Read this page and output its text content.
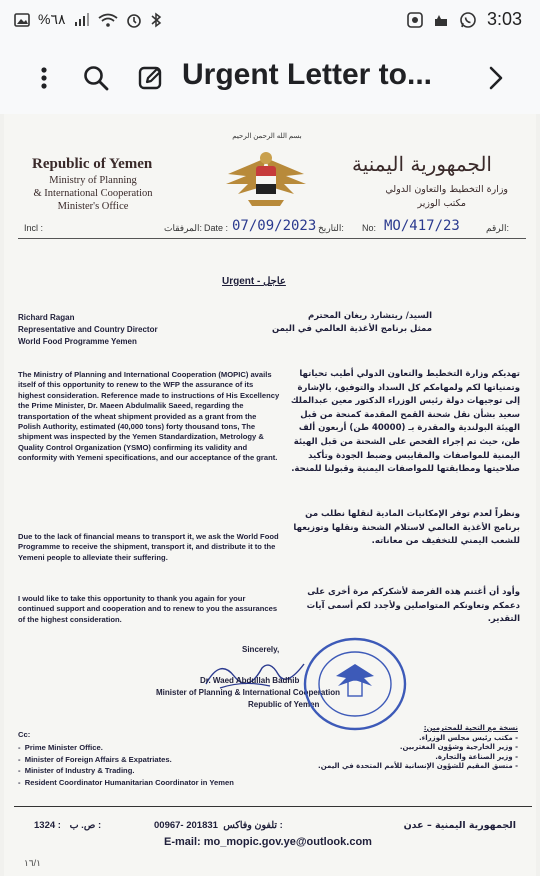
%٦٨	3:03
Urgent Letter to...
Republic of Yemen
Ministry of Planning
& International Cooperation
Minister's Office
بسم الله الرحمن الرحيم
الجمهورية اليمنية
وزارة التخطيط والتعاون الدولي
مكتب الوزير
Incl :	المرفقات: Date : 07/09/2023 التاريخ: No: MO/417/23	الرقم:
Urgent - عاجل
Richard Ragan
Representative and Country Director
World Food Programme Yemen
السيد/ ريتشارد ريغان المحترم
ممثل برنامج الأغذية العالمي في اليمن
The Ministry of Planning and International Cooperation (MOPIC) avails itself of this opportunity to renew to the WFP the assurance of its highest consideration. Reference made to instructions of His Excellency the Prime Minister, Dr. Maeen Abdulmalik Saeed, regarding the transportation of the wheat shipment provided as a grant from the Polish Authority, estimated (40,000 tons) forty thousand tons, The shipment was inspected by the Yemen Standardization, Metrology & Quality Control Organization (YSMO) confirming its validity and conformity with Yemeni specifications, and our acceptance of the grant.
Due to the lack of financial means to transport it, we ask the World Food Programme to receive the shipment, transport it, and distribute it to the Yemeni people to alleviate their suffering.
I would like to take this opportunity to thank you again for your continued support and cooperation and to renew to you the assurances of the highest consideration.
تهديكم وزارة التخطيط والتعاون الدولي أطيب تحياتها وتمنياتها لكم ولمهامكم كل السداد والتوفيق، بالإشارة إلى توجيهات دولة رئيس الوزراء الدكتور معين عبدالملك سعيد بشأن نقل شحنة القمح المقدمة كمنحة من قبل الهيئة البولندية والمقدرة بـ (40000 طن) أربعون ألف طن، حيث تم إجراء الفحص على الشحنة من قبل الهيئة اليمنية للمواصفات والمقاييس وضبط الجودة وتأكيد صلاحيتها ومطابقتها للمواصفات اليمنية وقبولنا للمنحة.
ونظراً لعدم توفر الإمكانيات المادية لنقلها نطلب من برنامج الأغذية العالمي لاستلام الشحنة ونقلها وتوزيعها للشعب اليمني للتخفيف من معاناته.
وأود أن أغتنم هذه الفرصة لأشكركم مرة أخرى على دعمكم وتعاونكم المتواصلين ولأجدد لكم أسمى آيات التقدير.
Sincerely,
Dr. Waed Abdullah Badhib
Minister of Planning & International Cooperation
Republic of Yemen
Cc:
-  Prime Minister Office.
-  Minister of Foreign Affairs & Expatriates.
-  Minister of Industry & Trading.
-  Resident Coordinator Humanitarian Coordinator in Yemen
نسخة مع التحية للمحترمين:
- مكتب رئيس مجلس الوزراء.
- وزير الخارجية وشؤون المغتربين.
- وزير الصناعة والتجارة.
- منسق المقيم للشؤون الإنسانية للأمم المتحدة في اليمن.
1324 : ص. ب :	00967- 201831 تلفون وفاكس :	الجمهورية اليمنية – عدن
E-mail: mo_mopic.gov.ye@outlook.com
١٦/١
